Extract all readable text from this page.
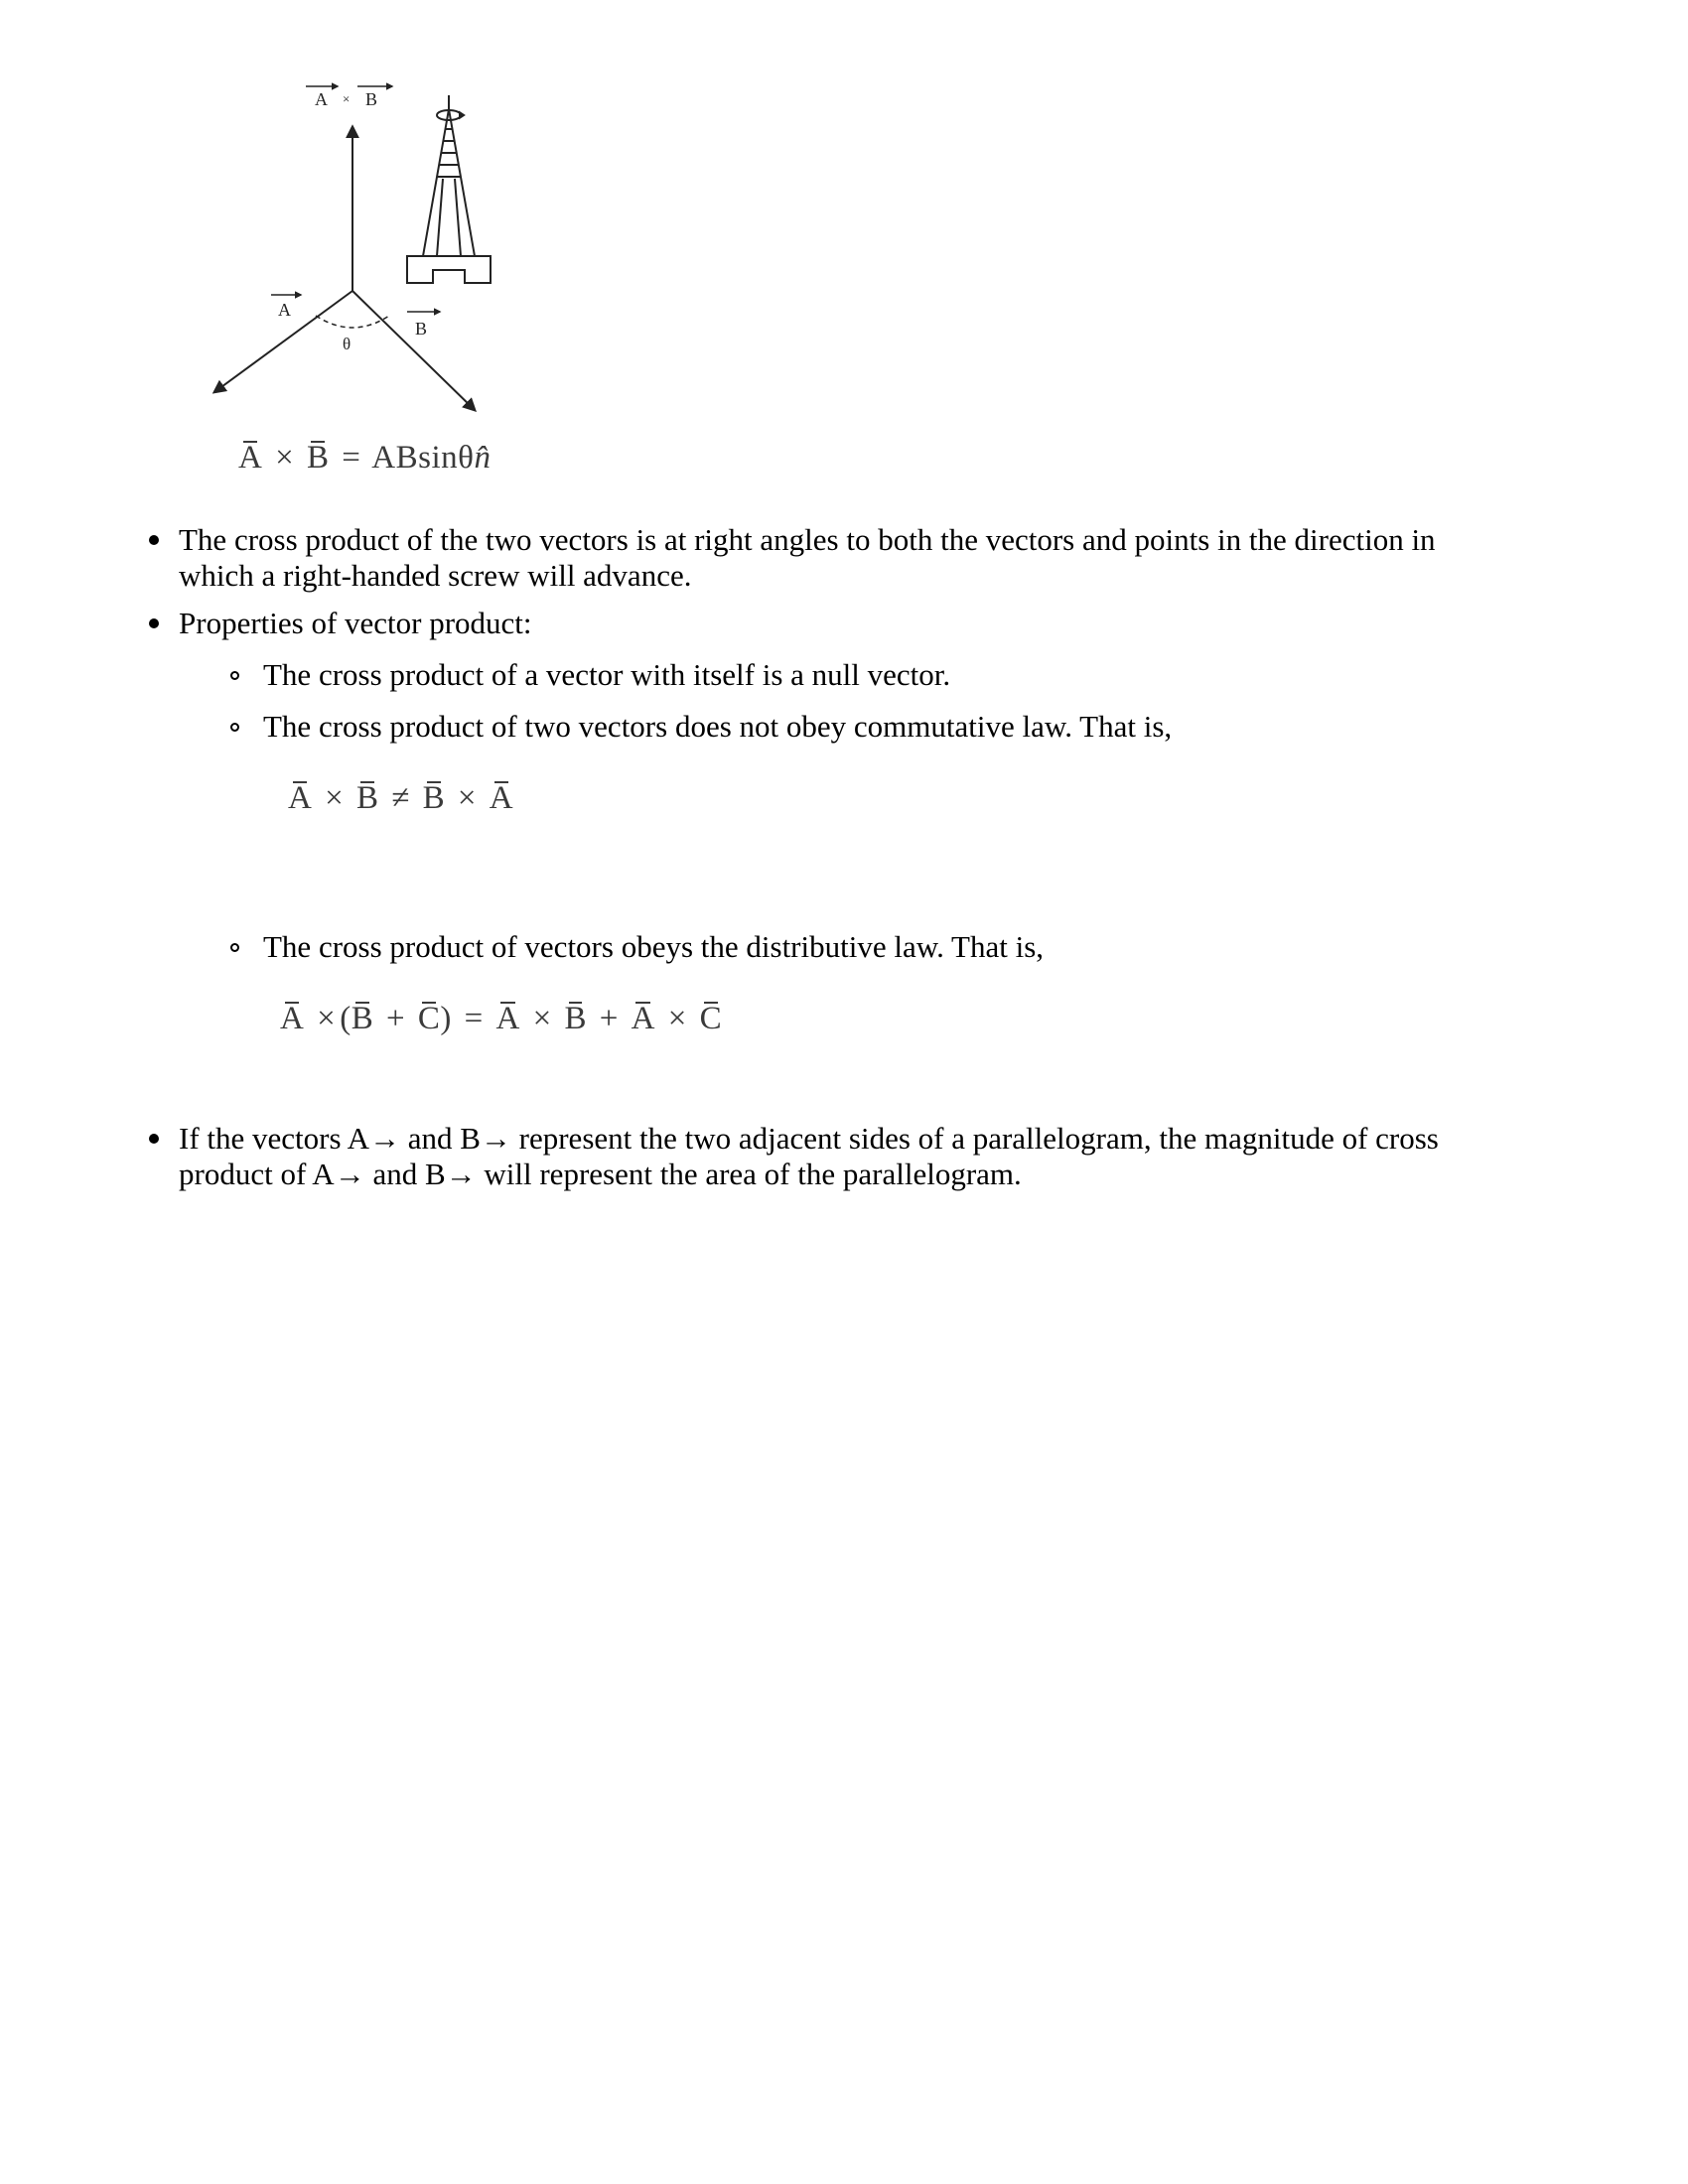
A × B
A
θ
B
A × B = ABsinθn̂
The cross product of the two vectors is at right angles to both the vectors and points in the direction in
which a right-handed screw will advance.
Properties of vector product:
The cross product of a vector with itself is a null vector.
The cross product of two vectors does not obey commutative law. That is,
A × B ≠ B × A
The cross product of vectors obeys the distributive law. That is,
A × (B + C) = A × B + A × C
If the vectors A→ and B→ represent the two adjacent sides of a parallelogram, the magnitude of cross
product of A→ and B→ will represent the area of the parallelogram.
